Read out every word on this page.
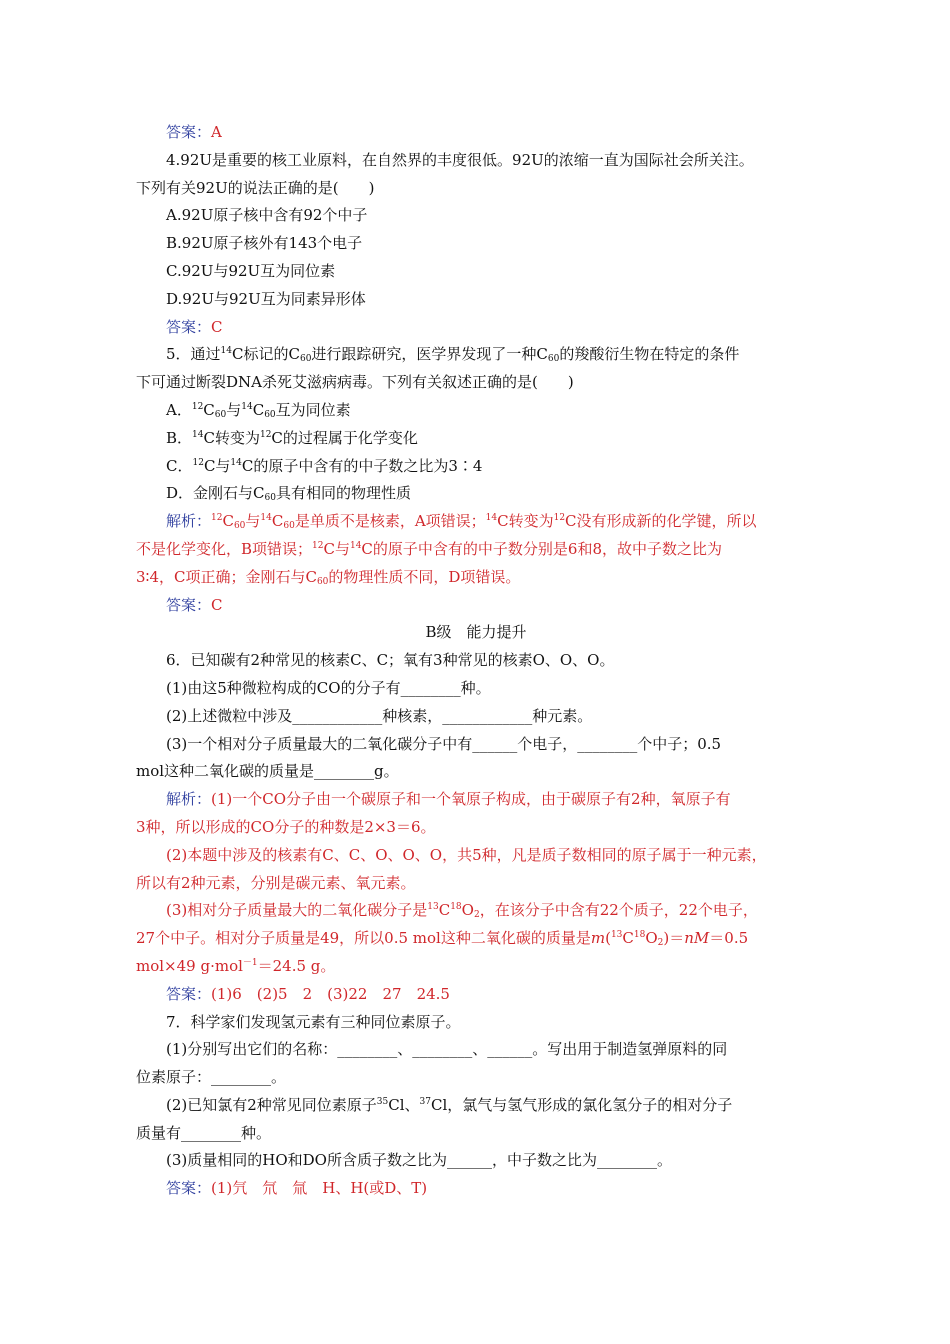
答案：A
4.92U是重要的核工业原料，在自然界的丰度很低。92U的浓缩一直为国际社会所关注。
下列有关92U的说法正确的是(　　)
A.92U原子核中含有92个中子
B.92U原子核外有143个电子
C.92U与92U互为同位素
D.92U与92U互为同素异形体
答案：C
5．通过$^{14}$C标记的$C_{60}$进行跟踪研究，医学界发现了一种$C_{60}$的羧酸衍生物在特定的条件
下可通过断裂DNA杀死艾滋病病毒。下列有关叙述正确的是(　　)
A．$^{12}C_{60}$与$^{14}C_{60}$互为同位素
B．$^{14}$C转变为$^{12}$C的过程属于化学变化
C．$^{12}$C与$^{14}$C的原子中含有的中子数之比为3∶4
D．金刚石与$C_{60}$具有相同的物理性质
解析：$^{12}C_{60}$与$^{14}C_{60}$是单质不是核素，A项错误；$^{14}$C转变为$^{12}$C没有形成新的化学键，所以
不是化学变化，B项错误；$^{12}$C与$^{14}$C的原子中含有的中子数分别是6和8，故中子数之比为
3∶4，C项正确；金刚石与$C_{60}$的物理性质不同，D项错误。
答案：C
B级　能力提升
6．已知碳有2种常见的核素C、C；氧有3种常见的核素O、O、O。
(1)由这5种微粒构成的CO的分子有________种。
(2)上述微粒中涉及____________种核素，____________种元素。
(3)一个相对分子质量最大的二氧化碳分子中有______个电子，________个中子；0.5
mol这种二氧化碳的质量是________g。
解析：(1)一个CO分子由一个碳原子和一个氧原子构成，由于碳原子有2种，氧原子有
3种，所以形成的CO分子的种数是2×3＝6。
(2)本题中涉及的核素有C、C、O、O、O，共5种，凡是质子数相同的原子属于一种元素，
所以有2种元素，分别是碳元素、氧元素。
(3)相对分子质量最大的二氧化碳分子是$^{13}C^{18}O_2$，在该分子中含有22个质子，22个电子，
27个中子。相对分子质量是49，所以0.5 mol这种二氧化碳的质量是$m(^{13}C^{18}O_2)=nM=0.5$
mol×49 g·mol$^{-1}$＝24.5 g。
答案：(1)6　(2)5　2　(3)22　27　24.5
7．科学家们发现氢元素有三种同位素原子。
(1)分别写出它们的名称：________、________、______。写出用于制造氢弹原料的同
位素原子：________。
(2)已知氯有2种常见同位素原子$^{35}$Cl、$^{37}$Cl，氯气与氢气形成的氯化氢分子的相对分子
质量有________种。
(3)质量相同的HO和DO所含质子数之比为______，中子数之比为________。
答案：(1)氕　氘　氚　H、H(或D、T)
